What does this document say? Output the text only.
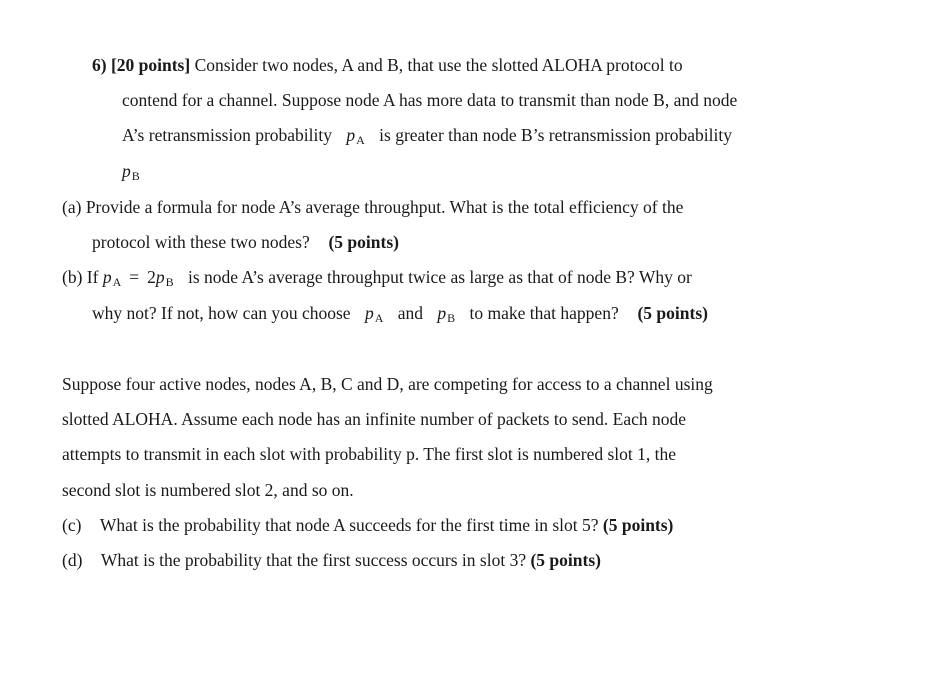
6) [20 points] Consider two nodes, A and B, that use the slotted ALOHA protocol to
contend for a channel. Suppose node A has more data to transmit than node B, and node
A’s retransmission probability pA is greater than node B’s retransmission probability
pB
(a) Provide a formula for node A’s average throughput. What is the total efficiency of the
protocol with these two nodes? (5 points)
(b) If pA = 2pB is node A’s average throughput twice as large as that of node B? Why or
why not? If not, how can you choose pA and pB to make that happen? (5 points)
Suppose four active nodes, nodes A, B, C and D, are competing for access to a channel using
slotted ALOHA. Assume each node has an infinite number of packets to send. Each node
attempts to transmit in each slot with probability p. The first slot is numbered slot 1, the
second slot is numbered slot 2, and so on.
(c) What is the probability that node A succeeds for the first time in slot 5? (5 points)
(d) What is the probability that the first success occurs in slot 3? (5 points)
